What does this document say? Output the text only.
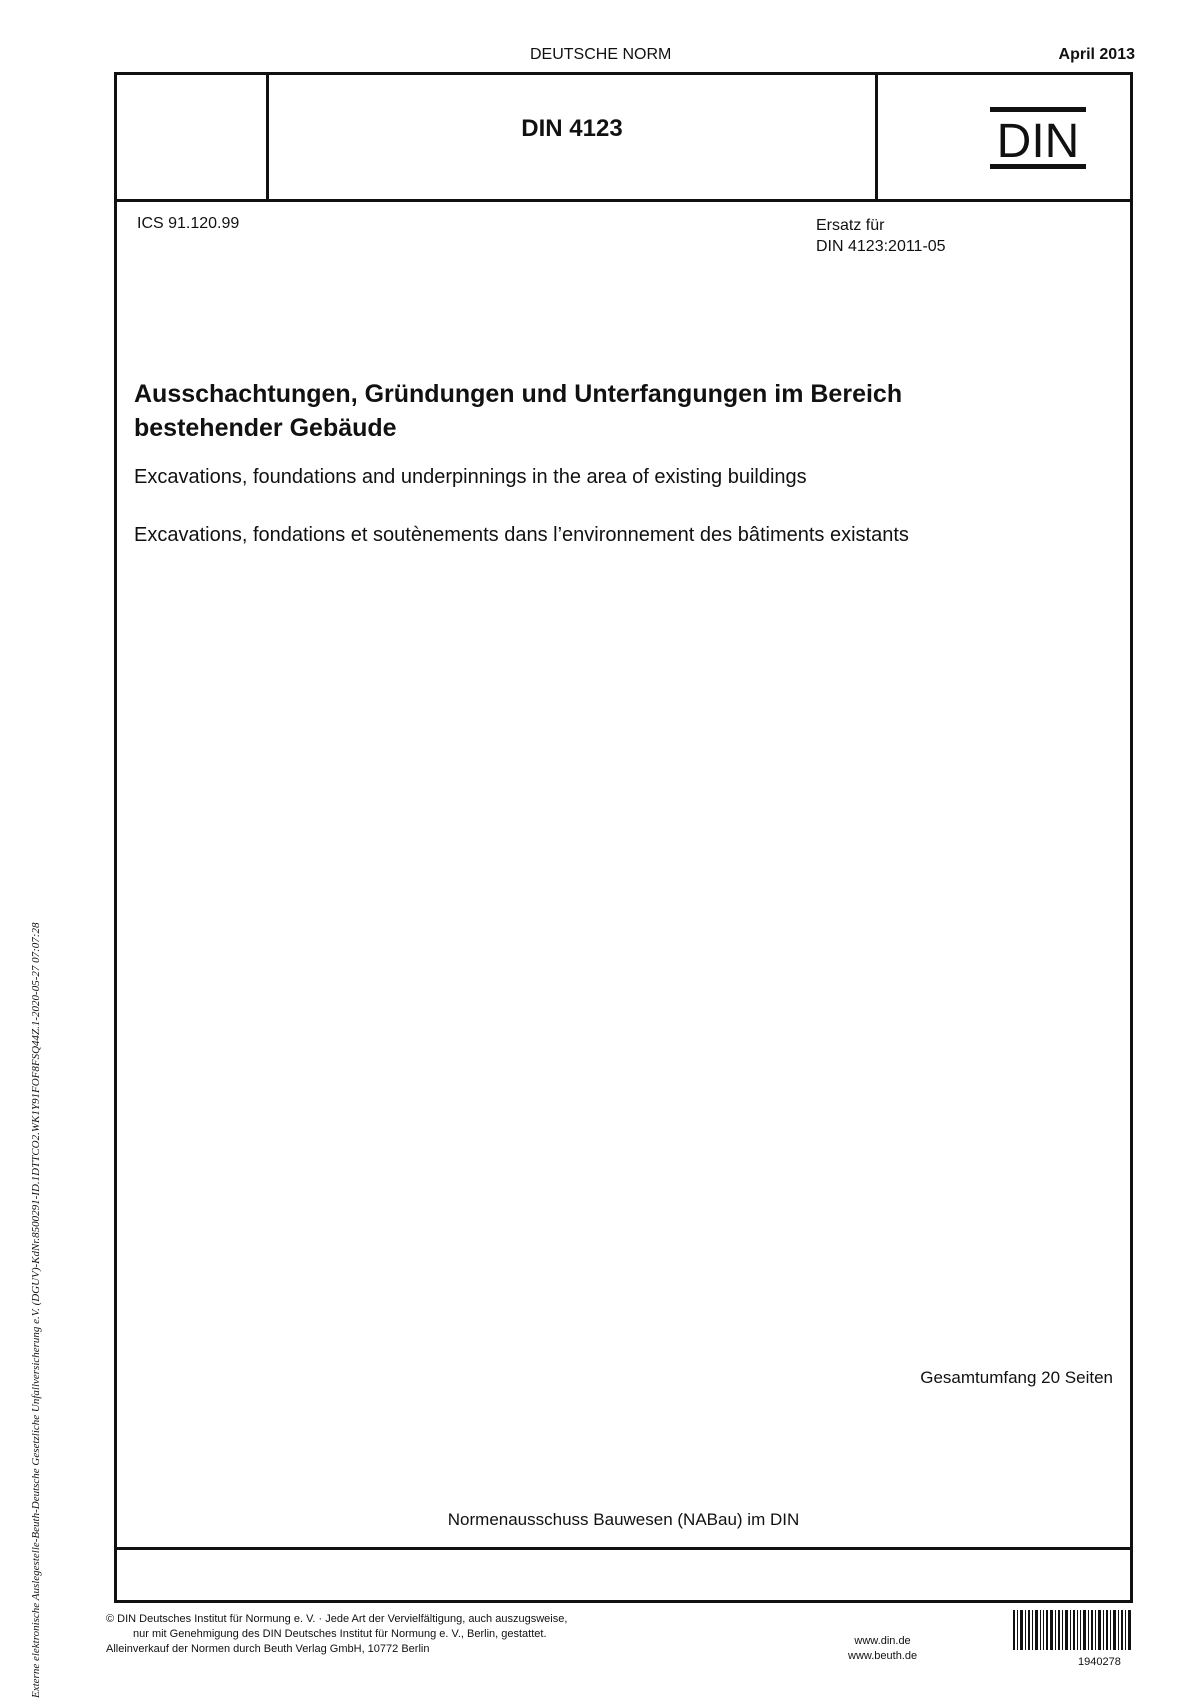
DEUTSCHE NORM	April 2013
DIN 4123	DIN
ICS 91.120.99	Ersatz für
DIN 4123:2011-05
Ausschachtungen, Gründungen und Unterfangungen im Bereich
bestehender Gebäude
Excavations, foundations and underpinnings in the area of existing buildings
Excavations, fondations et soutènements dans l’environnement des bâtiments existants
Gesamtumfang 20 Seiten
Normenausschuss Bauwesen (NABau) im DIN
© DIN Deutsches Institut für Normung e. V. · Jede Art der Vervielfältigung, auch auszugsweise,
nur mit Genehmigung des DIN Deutsches Institut für Normung e. V., Berlin, gestattet.
Alleinverkauf der Normen durch Beuth Verlag GmbH, 10772 Berlin
www.din.de
www.beuth.de	1940278
Externe elektronische Auslegestelle-Beuth-Deutsche Gesetzliche Unfallversicherung e.V. (DGUV)-KdNr.8500291-ID.1DTTCO2.WK1Y91FOF8FSQ44Z.1-2020-05-27 07:07:28
